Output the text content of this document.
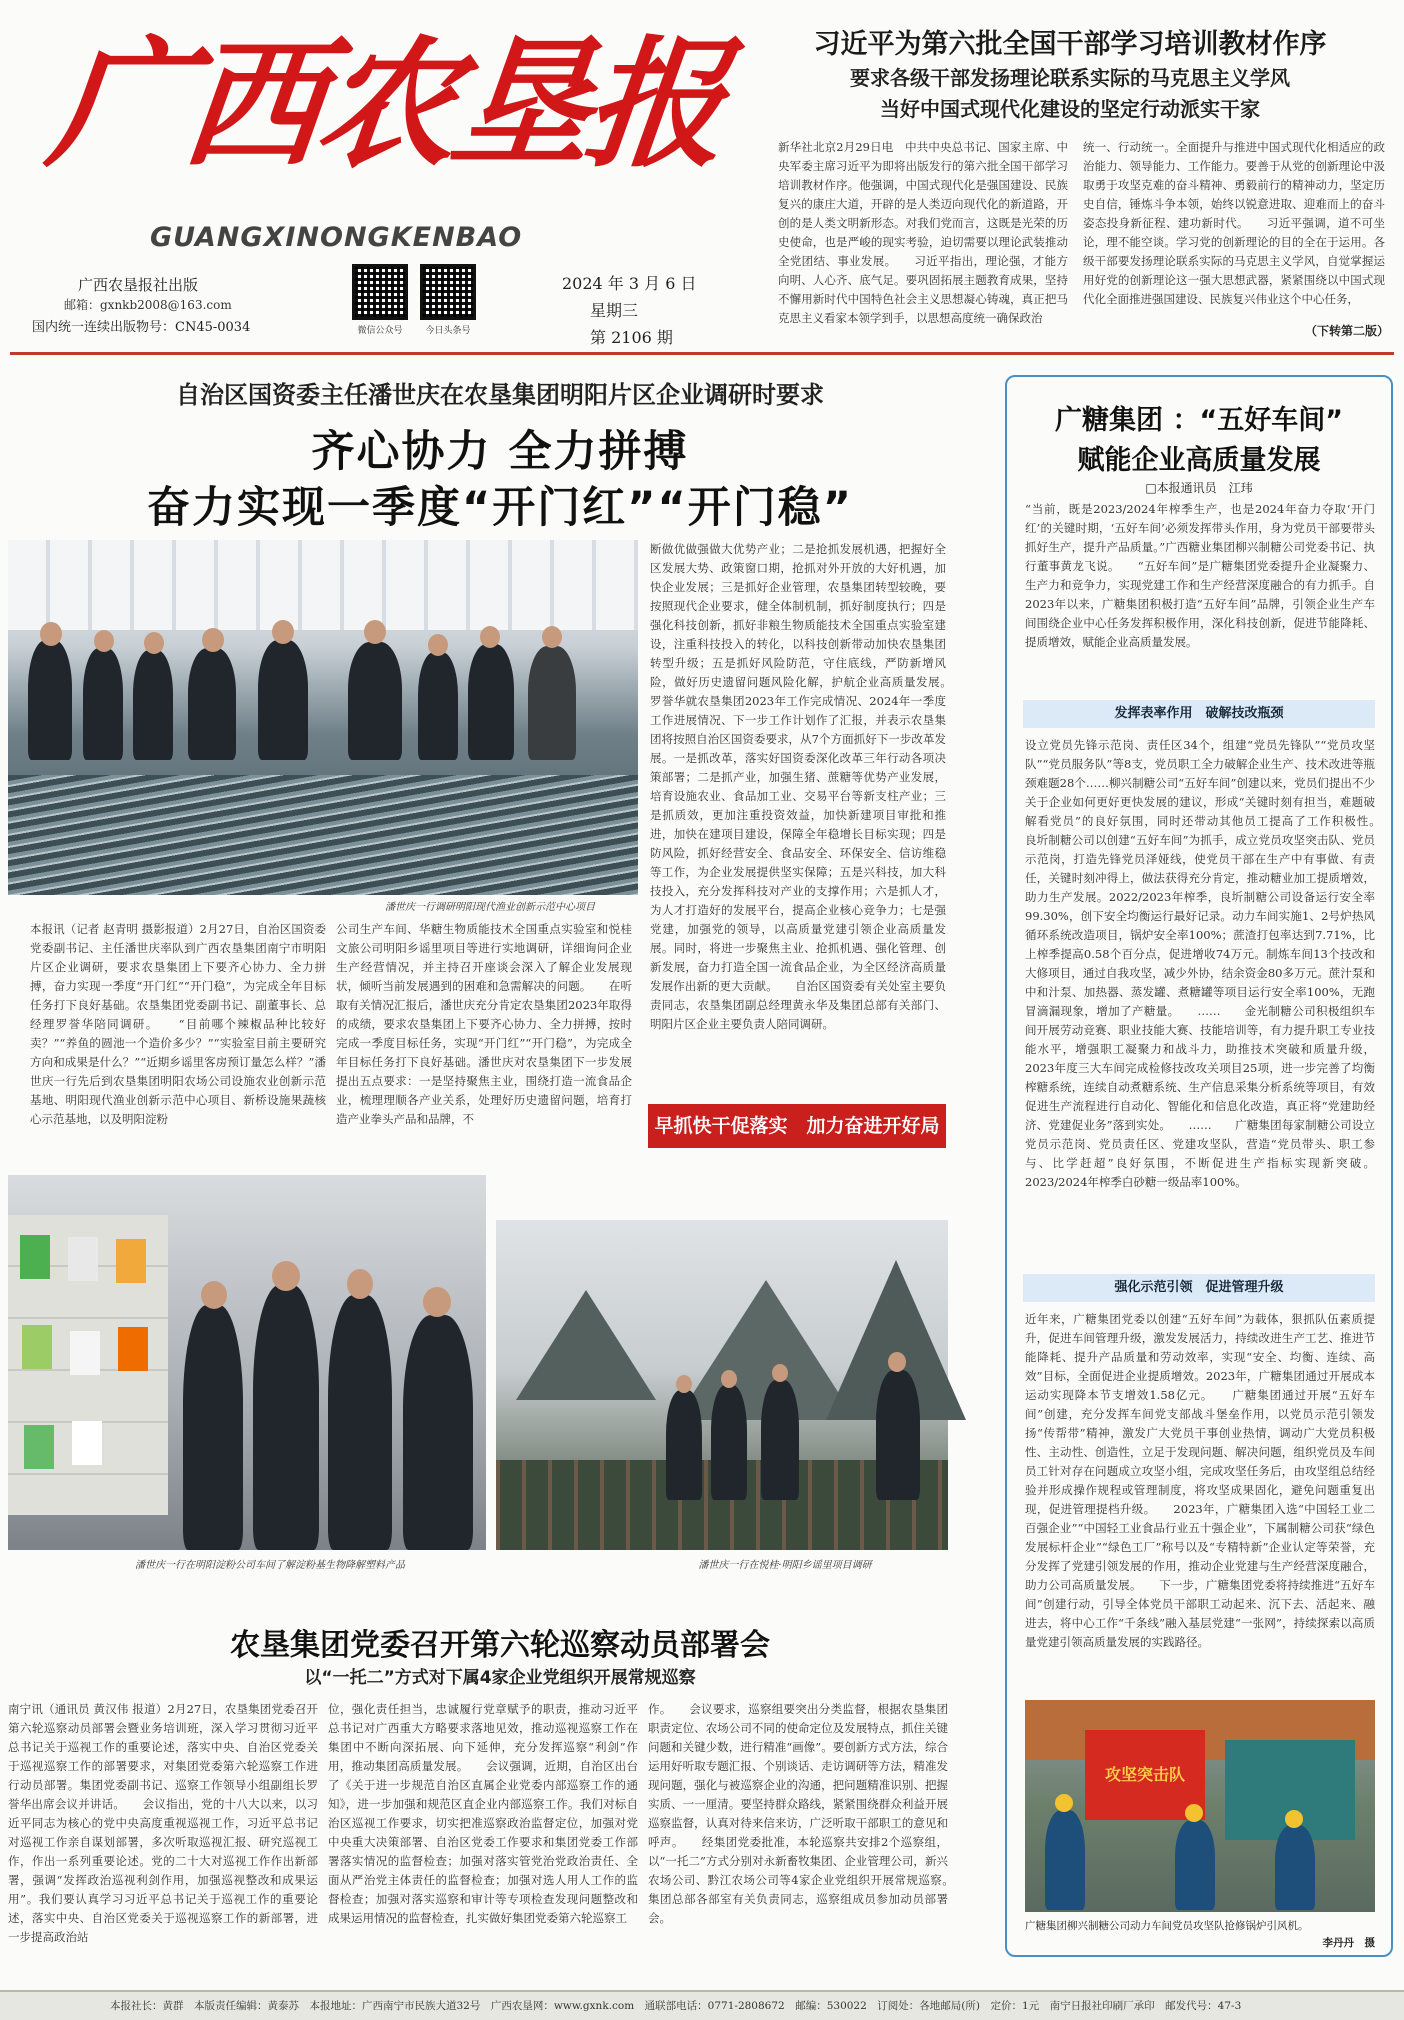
广西农垦报
GUANGXINONGKENBAO
广西农垦报社出版
邮箱：gxnkb2008@163.com
国内统一连续出版物号：CN45-0034	微信公众号	今日头条号
2024 年 3 月 6 日
星期三
第 2106 期
习近平为第六批全国干部学习培训教材作序
要求各级干部发扬理论联系实际的马克思主义学风
当好中国式现代化建设的坚定行动派实干家
新华社北京2月29日电　中共中央总书记、国家主席、中央军委主席习近平为即将出版发行的第六批全国干部学习培训教材作序。他强调，中国式现代化是强国建设、民族复兴的康庄大道，开辟的是人类迈向现代化的新道路，开创的是人类文明新形态。对我们党而言，这既是光荣的历史使命，也是严峻的现实考验，迫切需要以理论武装推动全党团结、事业发展。　　习近平指出，理论强，才能方向明、人心齐、底气足。要巩固拓展主题教育成果，坚持不懈用新时代中国特色社会主义思想凝心铸魂，真正把马克思主义看家本领学到手，以思想高度统一确保政治
统一、行动统一。全面提升与推进中国式现代化相适应的政治能力、领导能力、工作能力。要善于从党的创新理论中汲取勇于攻坚克难的奋斗精神、勇毅前行的精神动力，坚定历史自信，锤炼斗争本领，始终以锐意进取、迎难而上的奋斗姿态投身新征程、建功新时代。　　习近平强调，道不可坐论，理不能空谈。学习党的创新理论的目的全在于运用。各级干部要发扬理论联系实际的马克思主义学风，自觉掌握运用好党的创新理论这一强大思想武器，紧紧围绕以中国式现代化全面推进强国建设、民族复兴伟业这个中心任务，
（下转第二版）
自治区国资委主任潘世庆在农垦集团明阳片区企业调研时要求
齐心协力 全力拼搏
奋力实现一季度“开门红”“开门稳”
潘世庆一行调研明阳现代渔业创新示范中心项目
本报讯（记者 赵青明 摄影报道）2月27日，自治区国资委党委副书记、主任潘世庆率队到广西农垦集团南宁市明阳片区企业调研，要求农垦集团上下要齐心协力、全力拼搏，奋力实现一季度“开门红”“开门稳”，为完成全年目标任务打下良好基础。农垦集团党委副书记、副董事长、总经理罗誉华陪同调研。　　“目前哪个辣椒品种比较好卖？”“养鱼的圆池一个造价多少？”“实验室目前主要研究方向和成果是什么？”“近期乡谣里客房预订量怎么样？”潘世庆一行先后到农垦集团明阳农场公司设施农业创新示范基地、明阳现代渔业创新示范中心项目、新桥设施果蔬核心示范基地，以及明阳淀粉
公司生产车间、华糖生物质能技术全国重点实验室和悦桂文旅公司明阳乡谣里项目等进行实地调研，详细询问企业生产经营情况，并主持召开座谈会深入了解企业发展现状，倾听当前发展遇到的困难和急需解决的问题。　　在听取有关情况汇报后，潘世庆充分肯定农垦集团2023年取得的成绩，要求农垦集团上下要齐心协力、全力拼搏，按时完成一季度目标任务，实现“开门红”“开门稳”，为完成全年目标任务打下良好基础。潘世庆对农垦集团下一步发展提出五点要求：一是坚持聚焦主业，围绕打造一流食品企业，梳理理顺各产业关系，处理好历史遗留问题，培育打造产业拳头产品和品牌，不
断做优做强做大优势产业；二是抢抓发展机遇，把握好全区发展大势、政策窗口期，抢抓对外开放的大好机遇，加快企业发展；三是抓好企业管理，农垦集团转型较晚，要按照现代企业要求，健全体制机制，抓好制度执行；四是强化科技创新，抓好非粮生物质能技术全国重点实验室建设，注重科技投入的转化，以科技创新带动加快农垦集团转型升级；五是抓好风险防范，守住底线，严防新增风险，做好历史遗留问题风险化解，护航企业高质量发展。　　罗誉华就农垦集团2023年工作完成情况、2024年一季度工作进展情况、下一步工作计划作了汇报，并表示农垦集团将按照自治区国资委要求，从7个方面抓好下一步改革发展。一是抓改革，落实好国资委深化改革三年行动各项决策部署；二是抓产业，加强生猪、蔗糖等优势产业发展，培育设施农业、食品加工业、交易平台等新支柱产业；三是抓质效，更加注重投资效益，加快新建项目审批和推进，加快在建项目建设，保障全年稳增长目标实现；四是防风险，抓好经营安全、食品安全、环保安全、信访维稳等工作，为企业发展提供坚实保障；五是兴科技，加大科技投入，充分发挥科技对产业的支撑作用；六是抓人才，为人才打造好的发展平台，提高企业核心竞争力；七是强党建，加强党的领导，以高质量党建引领企业高质量发展。同时，将进一步聚焦主业、抢抓机遇、强化管理、创新发展，奋力打造全国一流食品企业，为全区经济高质量发展作出新的更大贡献。　　自治区国资委有关处室主要负责同志，农垦集团副总经理黄永华及集团总部有关部门、明阳片区企业主要负责人陪同调研。
早抓快干促落实　加力奋进开好局
潘世庆一行在明阳淀粉公司车间了解淀粉基生物降解塑料产品	潘世庆一行在悦桂·明阳乡谣里项目调研
农垦集团党委召开第六轮巡察动员部署会
以“一托二”方式对下属4家企业党组织开展常规巡察
南宁讯（通讯员 黄汉伟 报道）2月27日，农垦集团党委召开第六轮巡察动员部署会暨业务培训班，深入学习贯彻习近平总书记关于巡视工作的重要论述，落实中央、自治区党委关于巡视巡察工作的部署要求，对集团党委第六轮巡察工作进行动员部署。集团党委副书记、巡察工作领导小组副组长罗誉华出席会议并讲话。　　会议指出，党的十八大以来，以习近平同志为核心的党中央高度重视巡视工作，习近平总书记对巡视工作亲自谋划部署，多次听取巡视汇报、研究巡视工作，作出一系列重要论述。党的二十大对巡视工作作出新部署，强调“发挥政治巡视利剑作用，加强巡视整改和成果运用”。我们要认真学习习近平总书记关于巡视工作的重要论述，落实中央、自治区党委关于巡视巡察工作的新部署，进一步提高政治站
位，强化责任担当，忠诚履行党章赋予的职责，推动习近平总书记对广西重大方略要求落地见效，推动巡视巡察工作在集团中不断向深拓展、向下延伸，充分发挥巡察“利剑”作用，推动集团高质量发展。　　会议强调，近期，自治区出台了《关于进一步规范自治区直属企业党委内部巡察工作的通知》，进一步加强和规范区直企业内部巡察工作。我们对标自治区巡视工作要求，切实把准巡察政治监督定位，加强对党中央重大决策部署、自治区党委工作要求和集团党委工作部署落实情况的监督检查；加强对落实管党治党政治责任、全面从严治党主体责任的监督检查；加强对选人用人工作的监督检查；加强对落实巡察和审计等专项检查发现问题整改和成果运用情况的监督检查，扎实做好集团党委第六轮巡察工
作。　　会议要求，巡察组要突出分类监督，根据农垦集团职责定位、农场公司不同的使命定位及发展特点，抓住关键问题和关键少数，进行精准“画像”。要创新方式方法，综合运用好听取专题汇报、个别谈话、走访调研等方法，精准发现问题，强化与被巡察企业的沟通，把问题精准识别、把握实质、一一厘清。要坚持群众路线，紧紧围绕群众利益开展巡察监督，认真对待来信来访，广泛听取干部职工的意见和呼声。　　经集团党委批准，本轮巡察共安排2个巡察组，以“一托二”方式分别对永新畜牧集团、企业管理公司，新兴农场公司、黔江农场公司等4家企业党组织开展常规巡察。　　集团总部各部室有关负责同志，巡察组成员参加动员部署会。
广糖集团 ：“五好车间”
赋能企业高质量发展
□本报通讯员　江玮
“当前，既是2023/2024年榨季生产，也是2024年奋力夺取‘开门红’的关键时期，‘五好车间’必须发挥带头作用，身为党员干部要带头抓好生产，提升产品质量。”广西糖业集团柳兴制糖公司党委书记、执行董事黄龙飞说。　　“五好车间”是广糖集团党委提升企业凝聚力、生产力和竞争力，实现党建工作和生产经营深度融合的有力抓手。自2023年以来，广糖集团积极打造“五好车间”品牌，引领企业生产车间围绕企业中心任务发挥积极作用，深化科技创新，促进节能降耗、提质增效，赋能企业高质量发展。
发挥表率作用　破解技改瓶颈
设立党员先锋示范岗、责任区34个，组建“党员先锋队”“党员攻坚队”“党员服务队”等8支，党员职工全力破解企业生产、技术改进等瓶颈难题28个……柳兴制糖公司“五好车间”创建以来，党员们提出不少关于企业如何更好更快发展的建议，形成“关键时刻有担当，难题破解看党员”的良好氛围，同时还带动其他员工提高了工作积极性。　　良圻制糖公司以创建“五好车间”为抓手，成立党员攻坚突击队、党员示范岗，打造先锋党员泽娅线，使党员干部在生产中有事做、有责任，关键时刻冲得上，做法获得充分肯定，推动糖业加工提质增效，助力生产发展。2022/2023年榨季，良圻制糖公司设备运行安全率99.30%，创下安全均衡运行最好记录。动力车间实施1、2号炉热风循环系统改造项目，锅炉安全率100%；蔗渣打包率达到7.71%，比上榨季提高0.58个百分点，促进增收74万元。制炼车间13个技改和大修项目，通过自我攻坚，减少外协，结余资金80多万元。蔗汁泵和中和汁泵、加热器、蒸发罐、煮糖罐等项目运行安全率100%，无跑冒滴漏现象，增加了产糖量。　　……　　金光制糖公司积极组织车间开展劳动竞赛、职业技能大赛、技能培训等，有力提升职工专业技能水平，增强职工凝聚力和战斗力，助推技术突破和质量升级，2023年度三大车间完成检修技改攻关项目25项，进一步完善了均衡榨糖系统，连续自动煮糖系统、生产信息采集分析系统等项目，有效促进生产流程进行自动化、智能化和信息化改造，真正将“党建助经济、党建促业务”落到实处。　　……　　广糖集团每家制糖公司设立党员示范岗、党员责任区、党建攻坚队，营造“党员带头、职工参与、比学赶超”良好氛围，不断促进生产指标实现新突破。2023/2024年榨季白砂糖一级品率100%。
强化示范引领　促进管理升级
近年来，广糖集团党委以创建“五好车间”为载体，狠抓队伍素质提升，促进车间管理升级，激发发展活力，持续改进生产工艺、推进节能降耗、提升产品质量和劳动效率，实现“安全、均衡、连续、高效”目标，全面促进企业提质增效。2023年，广糖集团通过开展成本运动实现降本节支增效1.58亿元。　　广糖集团通过开展“五好车间”创建，充分发挥车间党支部战斗堡垒作用，以党员示范引领发扬“传帮带”精神，激发广大党员干事创业热情，调动广大党员积极性、主动性、创造性，立足于发现问题、解决问题，组织党员及车间员工针对存在问题成立攻坚小组，完成攻坚任务后，由攻坚组总结经验并形成操作规程或管理制度，将攻坚成果固化，避免问题重复出现，促进管理提档升级。　　2023年，广糖集团入选“中国轻工业二百强企业”“中国轻工业食品行业五十强企业”，下属制糖公司获“绿色发展标杆企业”“绿色工厂”称号以及“专精特新”企业认定等荣誉，充分发挥了党建引领发展的作用，推动企业党建与生产经营深度融合，助力公司高质量发展。　　下一步，广糖集团党委将持续推进“五好车间”创建行动，引导全体党员干部职工动起来、沉下去、活起来、融进去，将中心工作“千条线”融入基层党建“一张网”，持续探索以高质量党建引领高质量发展的实践路径。
攻坚突击队
广糖集团柳兴制糖公司动力车间党员攻坚队抢修锅炉引风机。
李丹丹　摄
本报社长：黄群　本版责任编辑：黄泰苏　本报地址：广西南宁市民族大道32号　广西农垦网：www.gxnk.com　通联部电话：0771-2808672　邮编：530022　订阅处：各地邮局(所)　定价：1元　南宁日报社印刷厂承印　邮发代号：47-3
